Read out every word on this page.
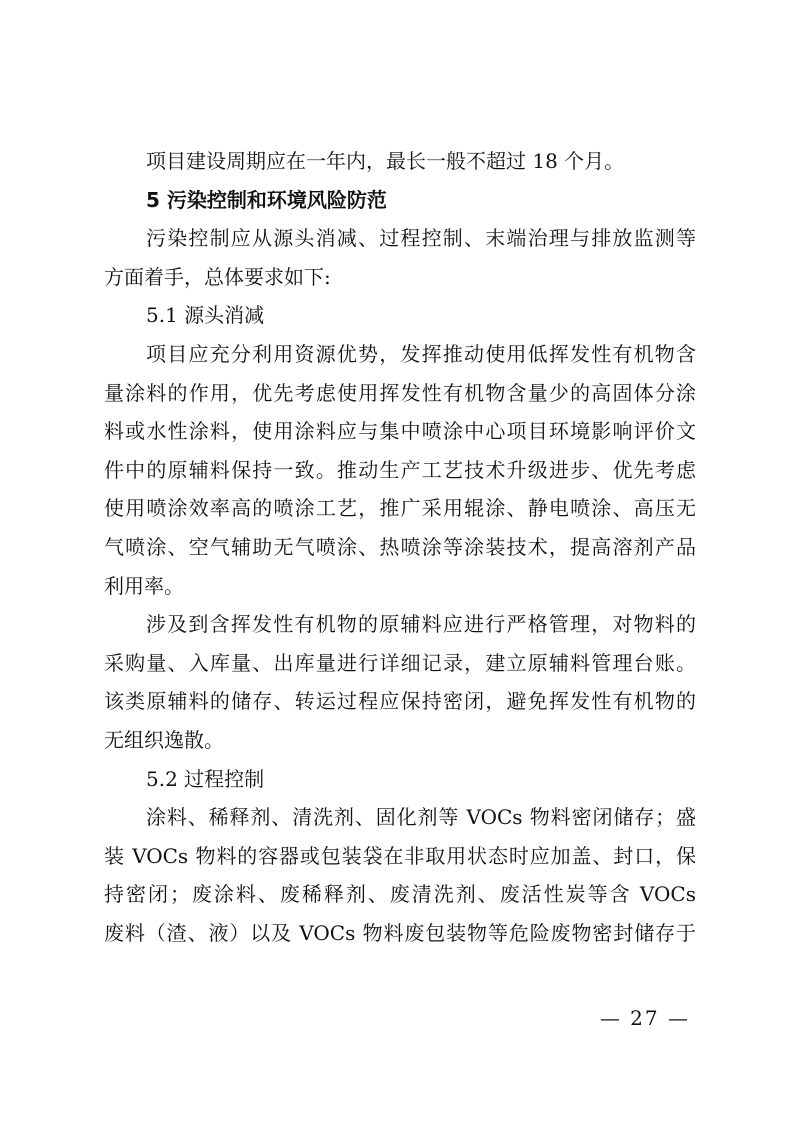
项目建设周期应在一年内，最长一般不超过 18 个月。

5 污染控制和环境风险防范

污染控制应从源头消减、过程控制、末端治理与排放监测等

方面着手，总体要求如下:

5.1 源头消减

项目应充分利用资源优势，发挥推动使用低挥发性有机物含

量涂料的作用，优先考虑使用挥发性有机物含量少的高固体分涂

料或水性涂料，使用涂料应与集中喷涂中心项目环境影响评价文

件中的原辅料保持一致。推动生产工艺技术升级进步、优先考虑

使用喷涂效率高的喷涂工艺，推广采用辊涂、静电喷涂、高压无

气喷涂、空气辅助无气喷涂、热喷涂等涂装技术，提高溶剂产品

利用率。

涉及到含挥发性有机物的原辅料应进行严格管理，对物料的

采购量、入库量、出库量进行详细记录，建立原辅料管理台账。

该类原辅料的储存、转运过程应保持密闭，避免挥发性有机物的

无组织逸散。

5.2 过程控制

涂料、稀释剂、清洗剂、固化剂等 VOCs 物料密闭储存；盛

装 VOCs 物料的容器或包装袋在非取用状态时应加盖、封口，保

持密闭；废涂料、废稀释剂、废清洗剂、废活性炭等含 VOCs

废料（渣、液）以及 VOCs 物料废包装物等危险废物密封储存于

— 27 —
